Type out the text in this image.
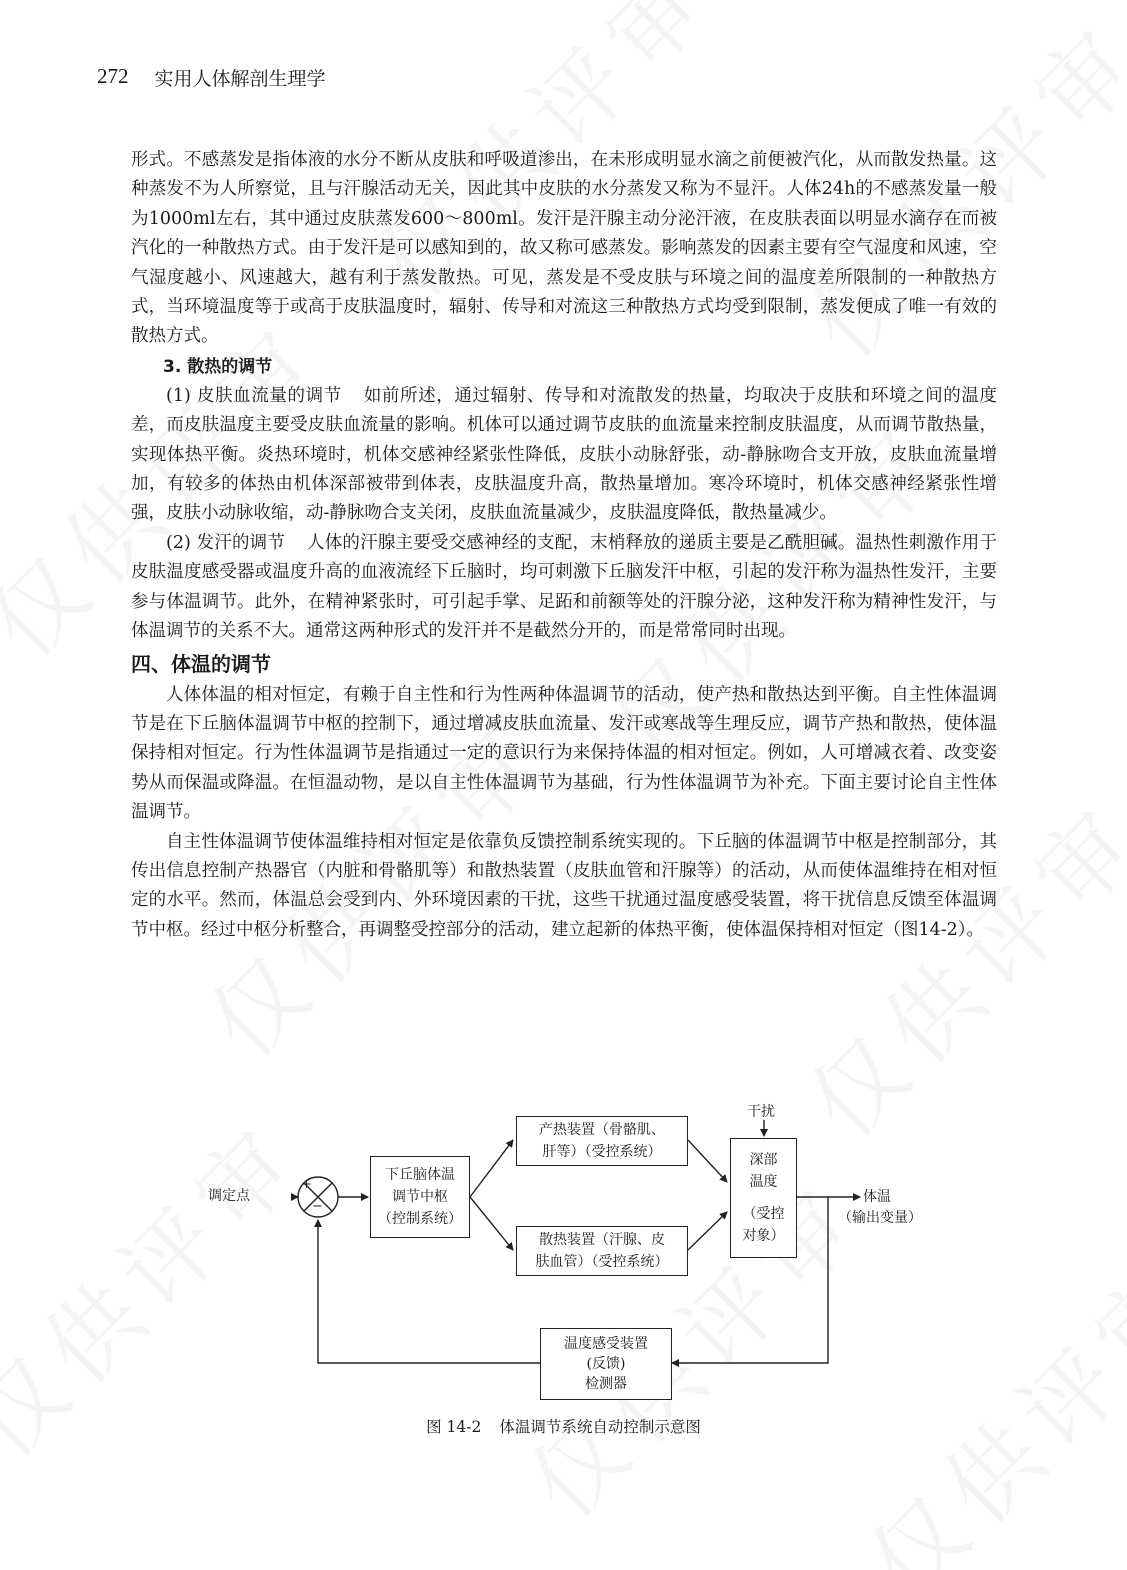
272 实用人体解剖生理学

形式。不感蒸发是指体液的水分不断从皮肤和呼吸道渗出，在未形成明显水滴之前便被汽化，从而散发热量。这种蒸发不为人所察觉，且与汗腺活动无关，因此其中皮肤的水分蒸发又称为不显汗。人体24h的不感蒸发量一般为1000ml左右，其中通过皮肤蒸发600～800ml。发汗是汗腺主动分泌汗液，在皮肤表面以明显水滴存在而被汽化的一种散热方式。由于发汗是可以感知到的，故又称可感蒸发。影响蒸发的因素主要有空气湿度和风速，空气湿度越小、风速越大，越有利于蒸发散热。可见，蒸发是不受皮肤与环境之间的温度差所限制的一种散热方式，当环境温度等于或高于皮肤温度时，辐射、传导和对流这三种散热方式均受到限制，蒸发便成了唯一有效的散热方式。

3. 散热的调节

(1) 皮肤血流量的调节 如前所述，通过辐射、传导和对流散发的热量，均取决于皮肤和环境之间的温度差，而皮肤温度主要受皮肤血流量的影响。机体可以通过调节皮肤的血流量来控制皮肤温度，从而调节散热量，实现体热平衡。炎热环境时，机体交感神经紧张性降低，皮肤小动脉舒张，动-静脉吻合支开放，皮肤血流量增加，有较多的体热由机体深部被带到体表，皮肤温度升高，散热量增加。寒冷环境时，机体交感神经紧张性增强，皮肤小动脉收缩，动-静脉吻合支关闭，皮肤血流量减少，皮肤温度降低，散热量减少。

(2) 发汗的调节 人体的汗腺主要受交感神经的支配，末梢释放的递质主要是乙酰胆碱。温热性刺激作用于皮肤温度感受器或温度升高的血液流经下丘脑时，均可刺激下丘脑发汗中枢，引起的发汗称为温热性发汗，主要参与体温调节。此外，在精神紧张时，可引起手掌、足跖和前额等处的汗腺分泌，这种发汗称为精神性发汗，与体温调节的关系不大。通常这两种形式的发汗并不是截然分开的，而是常常同时出现。

四、体温的调节

人体体温的相对恒定，有赖于自主性和行为性两种体温调节的活动，使产热和散热达到平衡。自主性体温调节是在下丘脑体温调节中枢的控制下，通过增减皮肤血流量、发汗或寒战等生理反应，调节产热和散热，使体温保持相对恒定。行为性体温调节是指通过一定的意识行为来保持体温的相对恒定。例如，人可增减衣着、改变姿势从而保温或降温。在恒温动物，是以自主性体温调节为基础，行为性体温调节为补充。下面主要讨论自主性体温调节。

自主性体温调节使体温维持相对恒定是依靠负反馈控制系统实现的。下丘脑的体温调节中枢是控制部分，其传出信息控制产热器官（内脏和骨骼肌等）和散热装置（皮肤血管和汗腺等）的活动，从而使体温维持在相对恒定的水平。然而，体温总会受到内、外环境因素的干扰，这些干扰通过温度感受装置，将干扰信息反馈至体温调节中枢。经过中枢分析整合，再调整受控部分的活动，建立起新的体热平衡，使体温保持相对恒定（图14-2）。

调定点
+
−
下丘脑体温
调节中枢
（控制系统）
产热装置（骨骼肌、
肝等）（受控系统）
散热装置（汗腺、皮
肤血管）（受控系统）
干扰
深部
温度
（受控
对象）
体温
（输出变量）
温度感受装置
(反馈)
检测器
图 14-2 体温调节系统自动控制示意图
